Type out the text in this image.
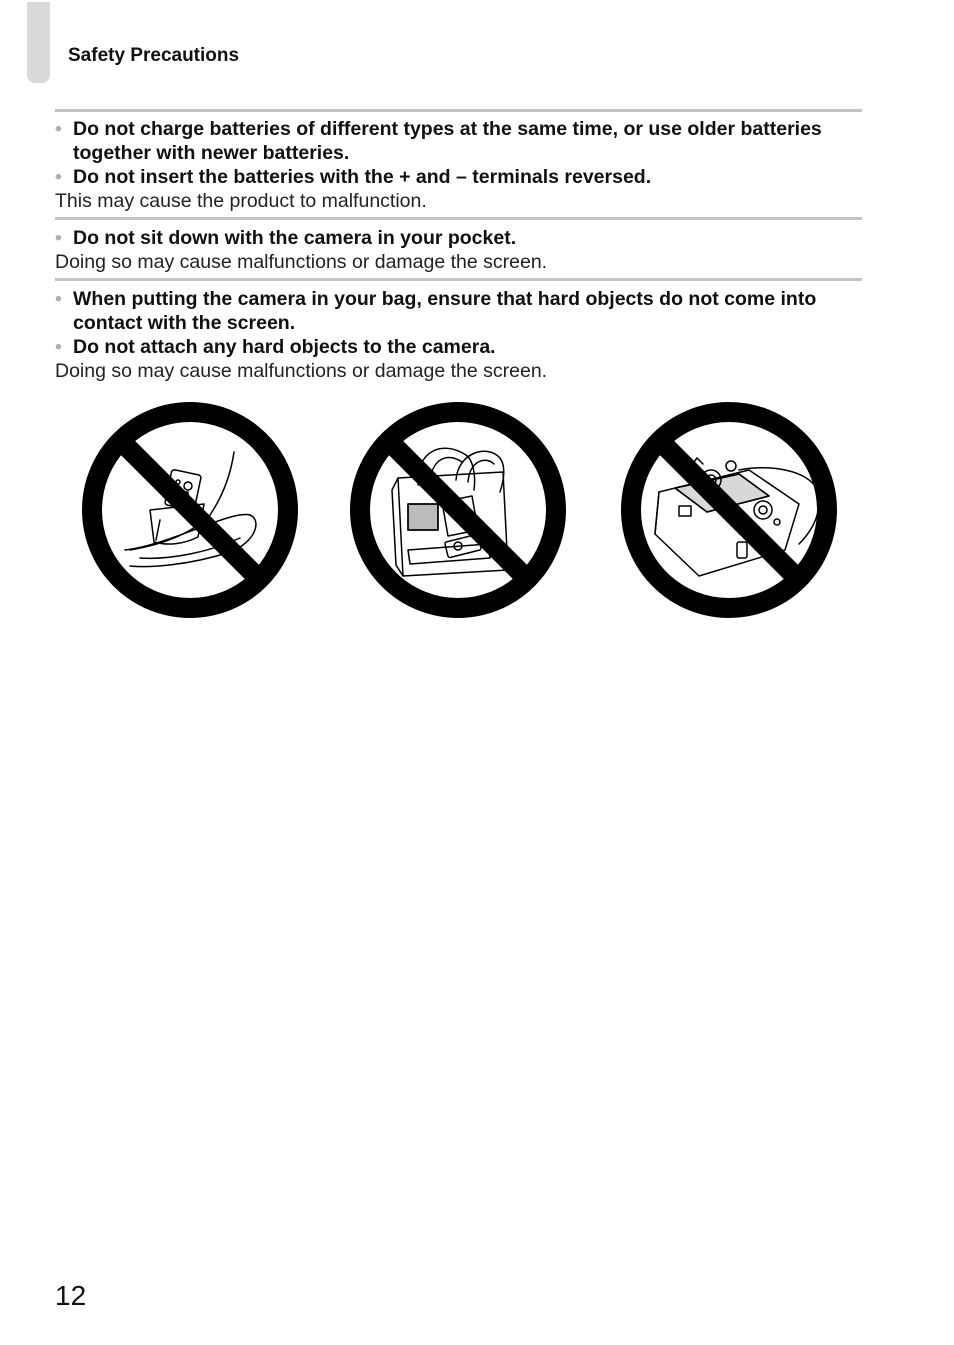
Safety Precautions
• Do not charge batteries of different types at the same time, or use older batteries together with newer batteries.
• Do not insert the batteries with the + and – terminals reversed.
This may cause the product to malfunction.
• Do not sit down with the camera in your pocket.
Doing so may cause malfunctions or damage the screen.
• When putting the camera in your bag, ensure that hard objects do not come into contact with the screen.
• Do not attach any hard objects to the camera.
Doing so may cause malfunctions or damage the screen.
12
